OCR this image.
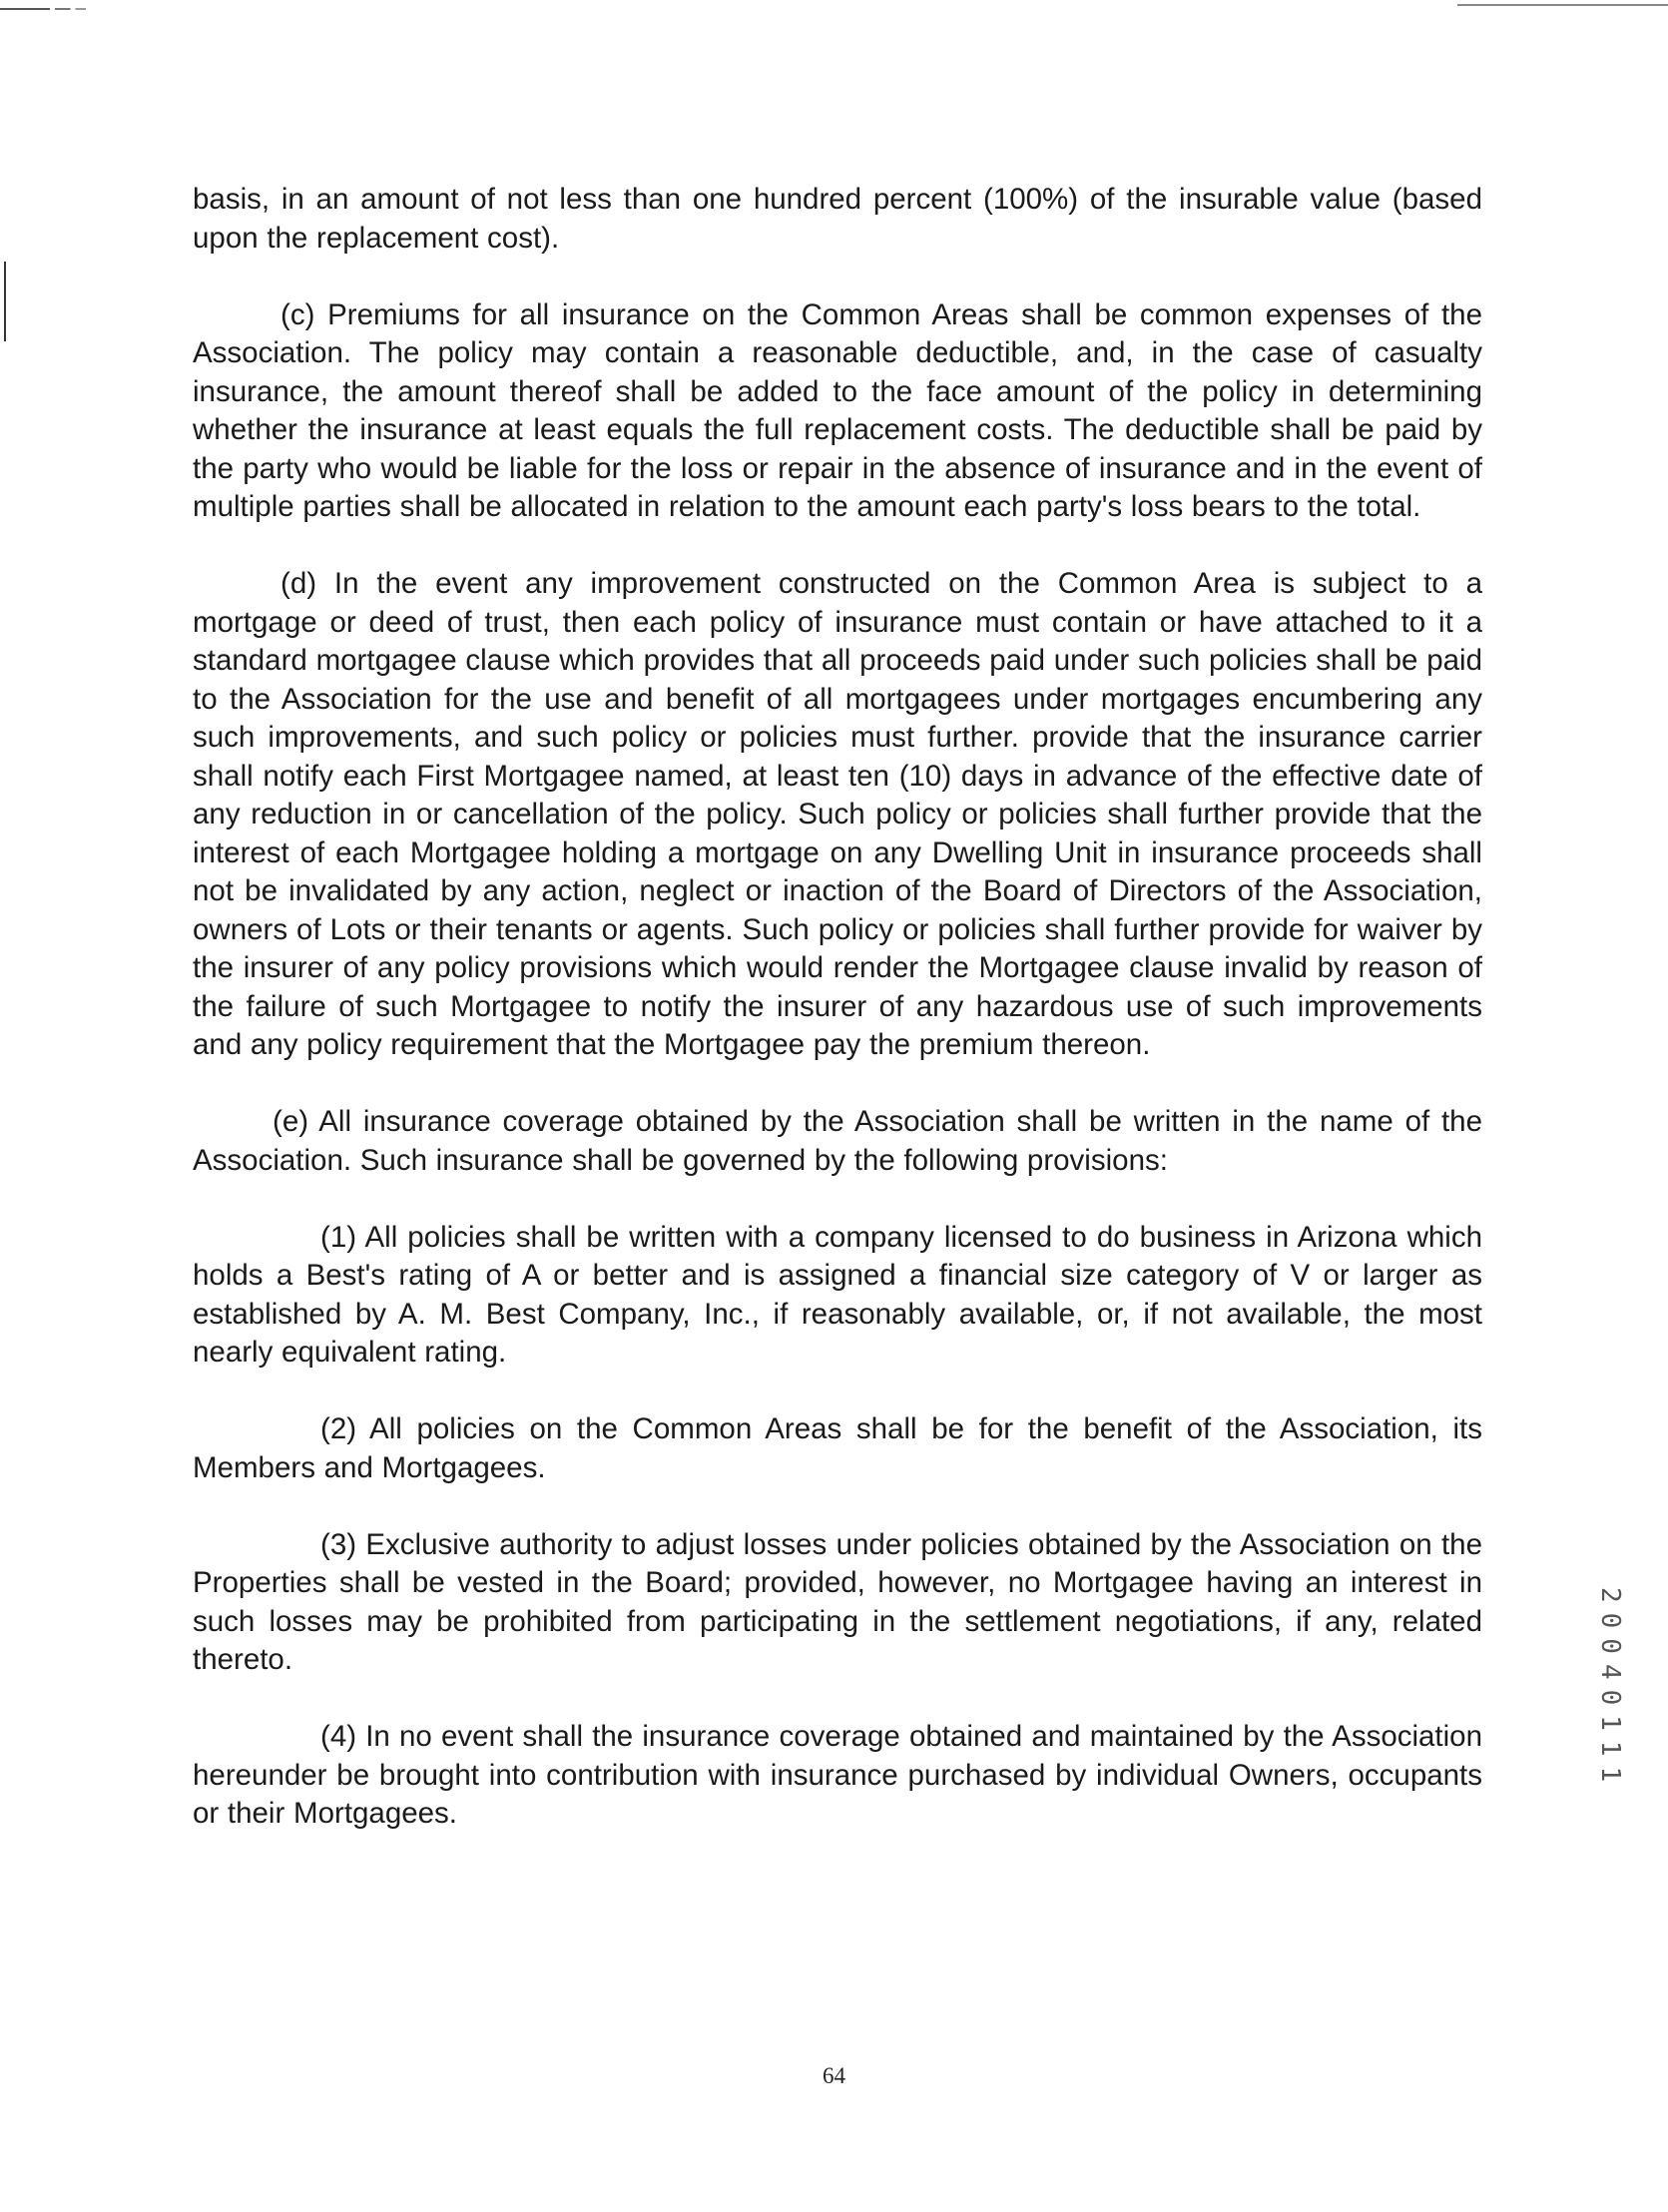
basis, in an amount of not less than one hundred percent (100%) of the insurable value (based upon the replacement cost).

(c) Premiums for all insurance on the Common Areas shall be common expenses of the Association. The policy may contain a reasonable deductible, and, in the case of casualty insurance, the amount thereof shall be added to the face amount of the policy in determining whether the insurance at least equals the full replacement costs. The deductible shall be paid by the party who would be liable for the loss or repair in the absence of insurance and in the event of multiple parties shall be allocated in relation to the amount each party's loss bears to the total.

(d) In the event any improvement constructed on the Common Area is subject to a mortgage or deed of trust, then each policy of insurance must contain or have attached to it a standard mortgagee clause which provides that all proceeds paid under such policies shall be paid to the Association for the use and benefit of all mortgagees under mortgages encumbering any such improvements, and such policy or policies must further. provide that the insurance carrier shall notify each First Mortgagee named, at least ten (10) days in advance of the effective date of any reduction in or cancellation of the policy. Such policy or policies shall further provide that the interest of each Mortgagee holding a mortgage on any Dwelling Unit in insurance proceeds shall not be invalidated by any action, neglect or inaction of the Board of Directors of the Association, owners of Lots or their tenants or agents. Such policy or policies shall further provide for waiver by the insurer of any policy provisions which would render the Mortgagee clause invalid by reason of the failure of such Mortgagee to notify the insurer of any hazardous use of such improvements and any policy requirement that the Mortgagee pay the premium thereon.

(e) All insurance coverage obtained by the Association shall be written in the name of the Association. Such insurance shall be governed by the following provisions:

(1) All policies shall be written with a company licensed to do business in Arizona which holds a Best's rating of A or better and is assigned a financial size category of V or larger as established by A. M. Best Company, Inc., if reasonably available, or, if not available, the most nearly equivalent rating.

(2) All policies on the Common Areas shall be for the benefit of the Association, its Members and Mortgagees.

(3) Exclusive authority to adjust losses under policies obtained by the Association on the Properties shall be vested in the Board; provided, however, no Mortgagee having an interest in such losses may be prohibited from participating in the settlement negotiations, if any, related thereto.

(4) In no event shall the insurance coverage obtained and maintained by the Association hereunder be brought into contribution with insurance purchased by individual Owners, occupants or their Mortgagees.

64
20040111
